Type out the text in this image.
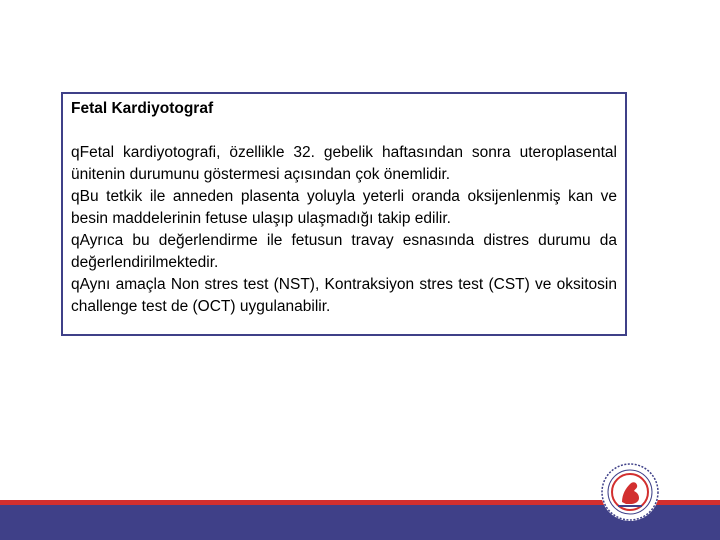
Fetal Kardiyotograf

qFetal kardiyotografi, özellikle 32. gebelik haftasından sonra uteroplasental ünitenin durumunu göstermesi açısından çok önemlidir.

qBu tetkik ile anneden plasenta yoluyla yeterli oranda oksijenlenmiş kan ve besin maddelerinin fetuse ulaşıp ulaşmadığı takip edilir.

qAyrıca bu değerlendirme ile fetusun travay esnasında distres durumu da değerlendirilmektedir.

qAynı amaçla Non stres test (NST), Kontraksiyon stres test (CST) ve oksitosin challenge test de (OCT) uygulanabilir.
